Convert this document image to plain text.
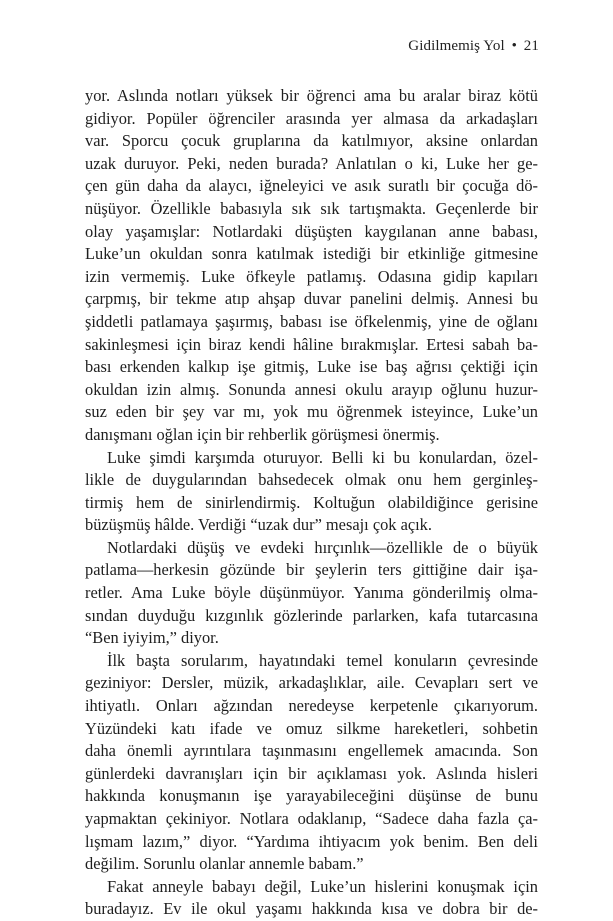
Gidilmemiş Yol • 21
yor. Aslında notları yüksek bir öğrenci ama bu aralar biraz kötü
gidiyor. Popüler öğrenciler arasında yer almasa da arkadaşları
var. Sporcu çocuk gruplarına da katılmıyor, aksine onlardan
uzak duruyor. Peki, neden burada? Anlatılan o ki, Luke her ge-
çen gün daha da alaycı, iğneleyici ve asık suratlı bir çocuğa dö-
nüşüyor. Özellikle babasıyla sık sık tartışmakta. Geçenlerde bir
olay yaşamışlar: Notlardaki düşüşten kaygılanan anne babası,
Luke’un okuldan sonra katılmak istediği bir etkinliğe gitmesine
izin vermemiş. Luke öfkeyle patlamış. Odasına gidip kapıları
çarpmış, bir tekme atıp ahşap duvar panelini delmiş. Annesi bu
şiddetli patlamaya şaşırmış, babası ise öfkelenmiş, yine de oğlanı
sakinleşmesi için biraz kendi hâline bırakmışlar. Ertesi sabah ba-
bası erkenden kalkıp işe gitmiş, Luke ise baş ağrısı çektiği için
okuldan izin almış. Sonunda annesi okulu arayıp oğlunu huzur-
suz eden bir şey var mı, yok mu öğrenmek isteyince, Luke’un
danışmanı oğlan için bir rehberlik görüşmesi önermiş.
Luke şimdi karşımda oturuyor. Belli ki bu konulardan, özel-
likle de duygularından bahsedecek olmak onu hem gerginleş-
tirmiş hem de sinirlendirmiş. Koltuğun olabildiğince gerisine
büzüşmüş hâlde. Verdiği “uzak dur” mesajı çok açık.
Notlardaki düşüş ve evdeki hırçınlık—özellikle de o büyük
patlama—herkesin gözünde bir şeylerin ters gittiğine dair işa-
retler. Ama Luke böyle düşünmüyor. Yanıma gönderilmiş olma-
sından duyduğu kızgınlık gözlerinde parlarken, kafa tutarcasına
“Ben iyiyim,” diyor.
İlk başta sorularım, hayatındaki temel konuların çevresinde
geziniyor: Dersler, müzik, arkadaşlıklar, aile. Cevapları sert ve
ihtiyatlı. Onları ağzından neredeyse kerpetenle çıkarıyorum.
Yüzündeki katı ifade ve omuz silkme hareketleri, sohbetin
daha önemli ayrıntılara taşınmasını engellemek amacında. Son
günlerdeki davranışları için bir açıklaması yok. Aslında hisleri
hakkında konuşmanın işe yarayabileceğini düşünse de bunu
yapmaktan çekiniyor. Notlara odaklanıp, “Sadece daha fazla ça-
lışmam lazım,” diyor. “Yardıma ihtiyacım yok benim. Ben deli
değilim. Sorunlu olanlar annemle babam.”
Fakat anneyle babayı değil, Luke’un hislerini konuşmak için
buradayız. Ev ile okul yaşamı hakkında kısa ve dobra bir de-
